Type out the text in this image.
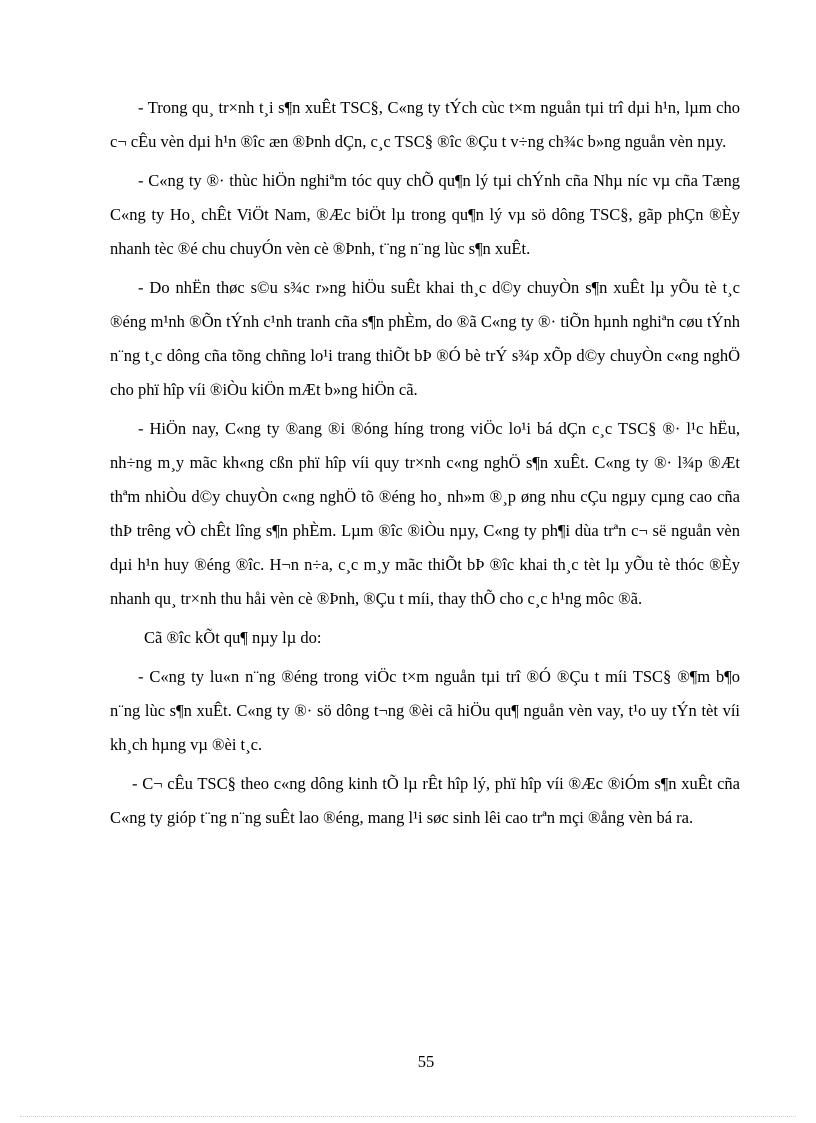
- Trong qu¸ tr×nh t¸i s¶n xuÊt TSC§, C«ng ty tÝch cùc t×m nguån tµi trî dµi h¹n, lµm cho c¬ cÊu vèn dµi h¹n ®îc æn ®Þnh dÇn, c¸c TSC§ ®îc ®Çu t v÷ng ch¾c b»ng nguån vèn nµy.

- C«ng ty ®· thùc hiÖn nghiªm tóc quy chÕ qu¶n lý tµi chÝnh cña Nhµ níc vµ cña Tæng C«ng ty Ho¸ chÊt ViÖt Nam, ®Æc biÖt lµ trong qu¶n lý vµ sö dông TSC§, gãp phÇn ®Èy nhanh tèc ®é chu chuyÓn vèn cè ®Þnh, t¨ng n¨ng lùc s¶n xuÊt.

- Do nhËn thøc s©u s¾c r»ng hiÖu suÊt khai th¸c d©y chuyÒn s¶n xuÊt lµ yÕu tè t¸c ®éng m¹nh ®Õn tÝnh c¹nh tranh cña s¶n phÈm, do ®ã C«ng ty ®· tiÕn hµnh nghiªn cøu tÝnh n¨ng t¸c dông cña tõng chñng lo¹i trang thiÕt bÞ ®Ó bè trÝ s¾p xÕp d©y chuyÒn c«ng nghÖ cho phï hîp víi ®iÒu kiÖn mÆt b»ng hiÖn cã.

- HiÖn nay, C«ng ty ®ang ®i ®óng híng trong viÖc lo¹i bá dÇn c¸c TSC§ ®· l¹c hËu, nh÷ng m¸y mãc kh«ng cßn phï hîp víi quy tr×nh c«ng nghÖ s¶n xuÊt. C«ng ty ®· l¾p ®Æt thªm nhiÒu d©y chuyÒn c«ng nghÖ tõ ®éng ho¸ nh»m ®¸p øng nhu cÇu ngµy cµng cao cña thÞ trêng vÒ chÊt lîng s¶n phÈm. Lµm ®îc ®iÒu nµy, C«ng ty ph¶i dùa trªn c¬ së nguån vèn dµi h¹n huy ®éng ®îc. H¬n n÷a, c¸c m¸y mãc thiÕt bÞ ®îc khai th¸c tèt lµ yÕu tè thóc ®Èy nhanh qu¸ tr×nh thu håi vèn cè ®Þnh, ®Çu t míi, thay thÕ cho c¸c h¹ng môc ®ã.

Cã ®îc kÕt qu¶ nµy lµ do:

- C«ng ty lu«n n¨ng ®éng trong viÖc t×m nguån tµi trî ®Ó ®Çu t míi TSC§ ®¶m b¶o n¨ng lùc s¶n xuÊt. C«ng ty ®· sö dông t¬ng ®èi cã hiÖu qu¶ nguån vèn vay, t¹o uy tÝn tèt víi kh¸ch hµng vµ ®èi t¸c.

- C¬ cÊu TSC§ theo c«ng dông kinh tÕ lµ rÊt hîp lý, phï hîp víi ®Æc ®iÓm s¶n xuÊt cña C«ng ty gióp t¨ng n¨ng suÊt lao ®éng, mang l¹i søc sinh lêi cao trªn mçi ®ång vèn bá ra.

55
